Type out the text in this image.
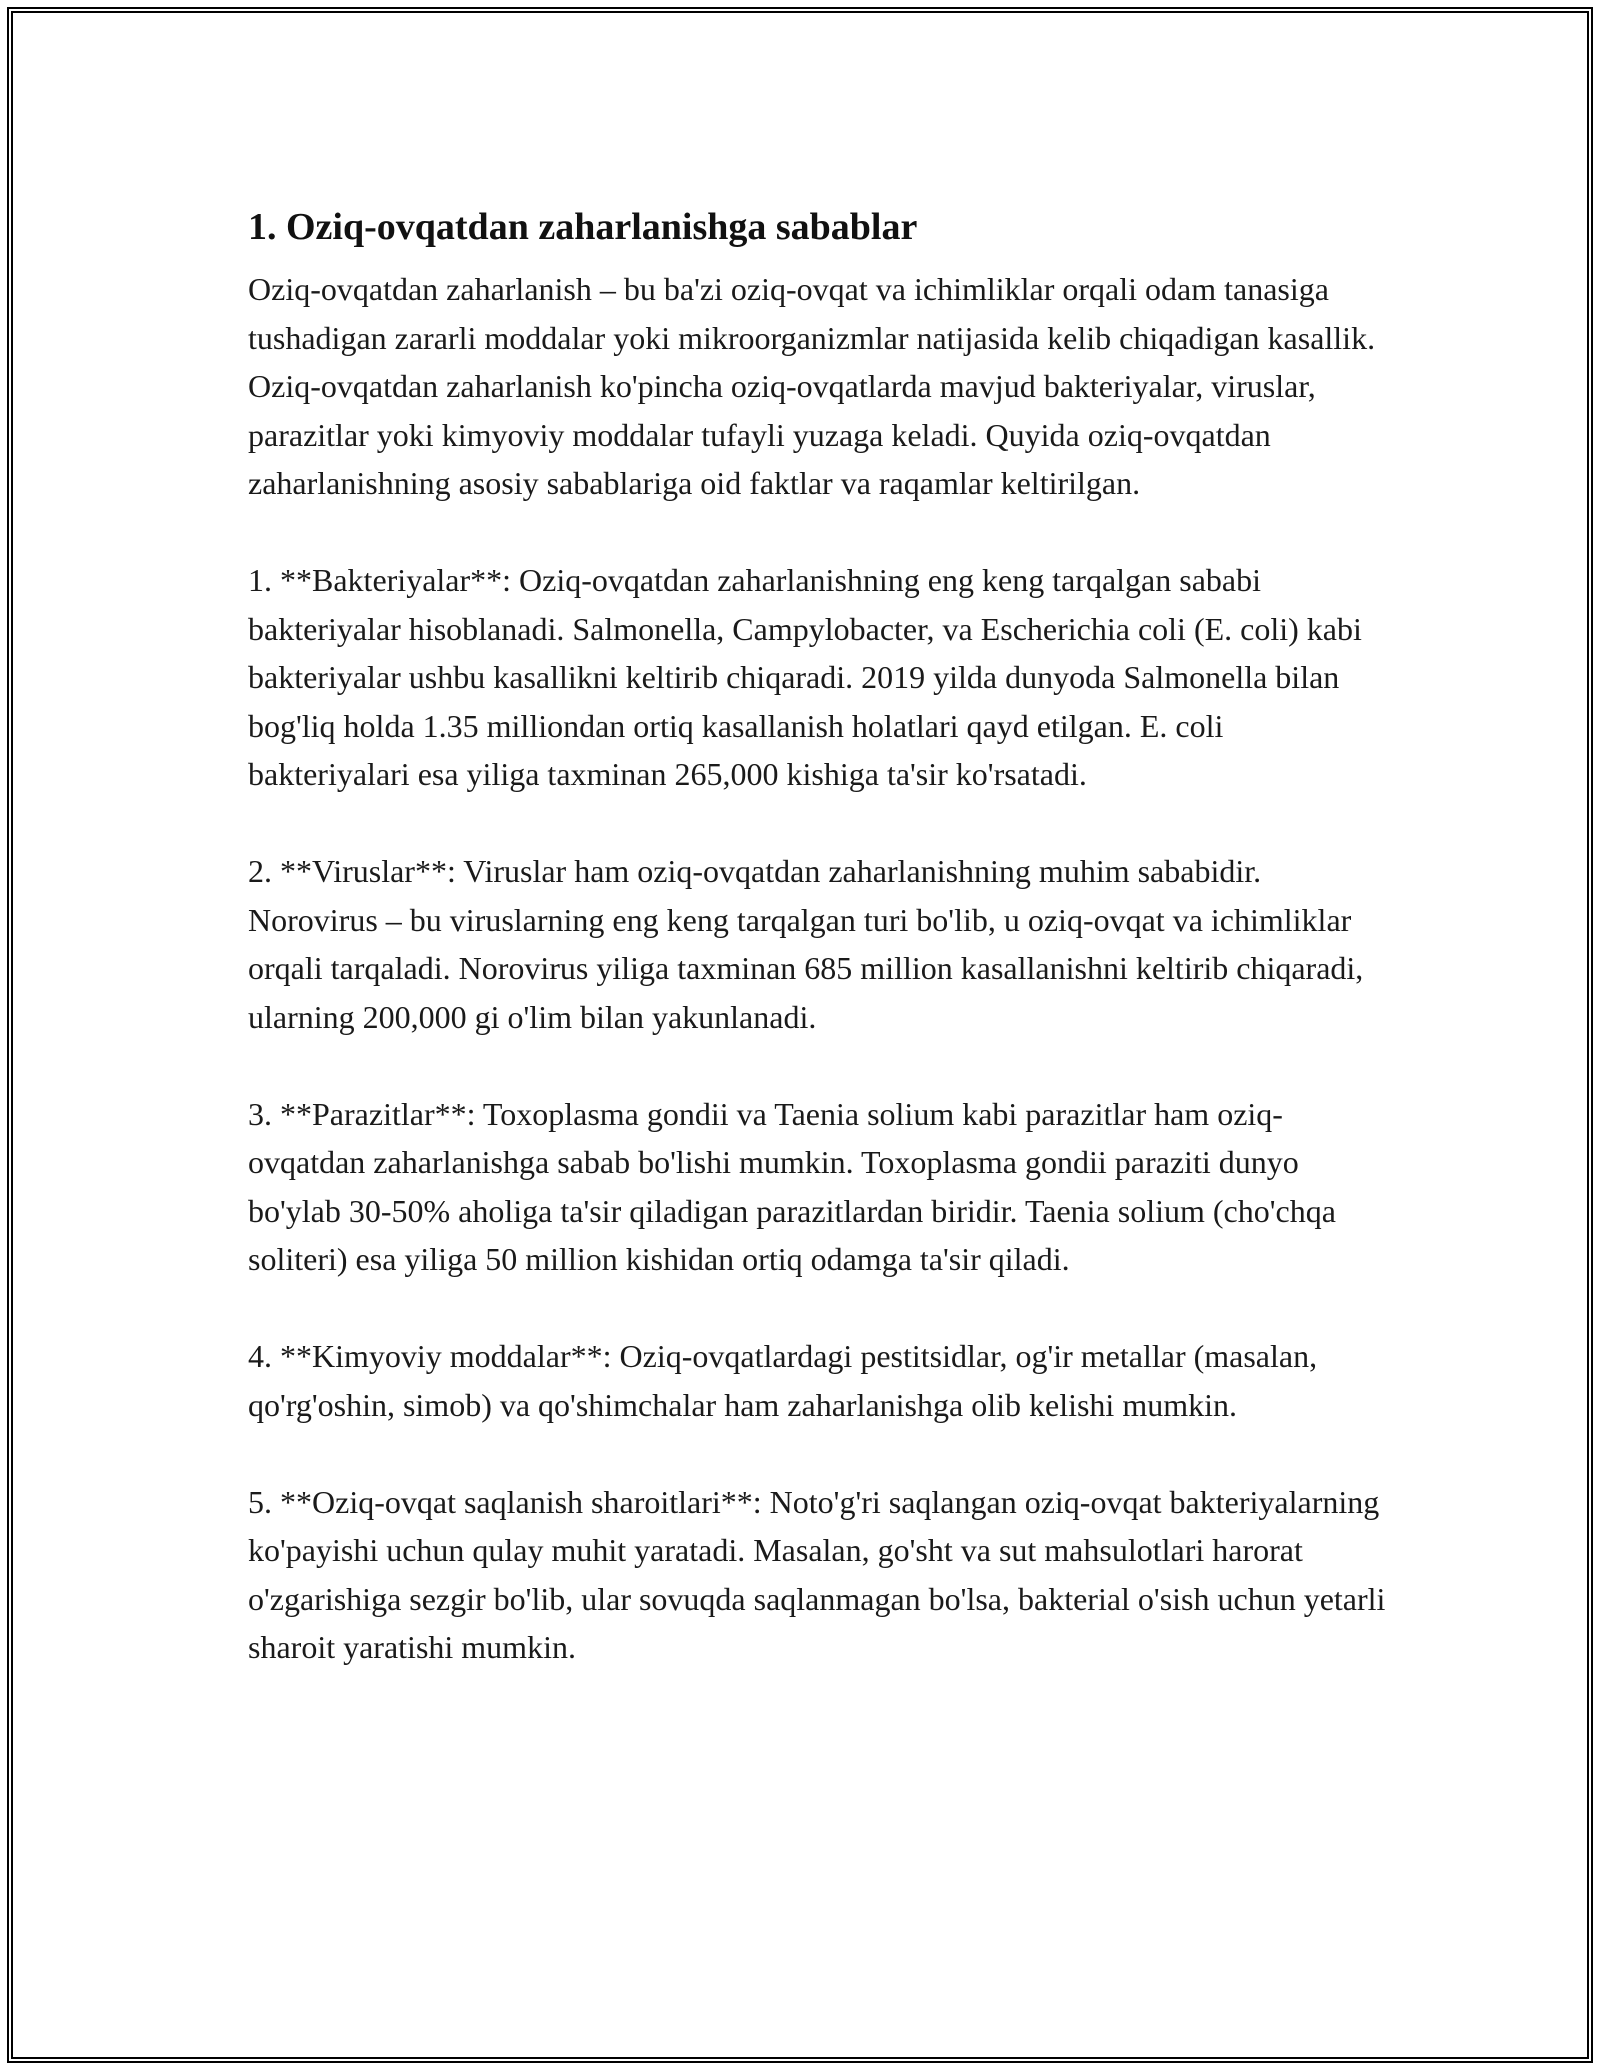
1. Oziq-ovqatdan zaharlanishga sabablar

Oziq-ovqatdan zaharlanish – bu ba'zi oziq-ovqat va ichimliklar orqali odam tanasiga tushadigan zararli moddalar yoki mikroorganizmlar natijasida kelib chiqadigan kasallik. Oziq-ovqatdan zaharlanish ko'pincha oziq-ovqatlarda mavjud bakteriyalar, viruslar, parazitlar yoki kimyoviy moddalar tufayli yuzaga keladi. Quyida oziq-ovqatdan zaharlanishning asosiy sabablariga oid faktlar va raqamlar keltirilgan.

1. **Bakteriyalar**: Oziq-ovqatdan zaharlanishning eng keng tarqalgan sababi bakteriyalar hisoblanadi. Salmonella, Campylobacter, va Escherichia coli (E. coli) kabi bakteriyalar ushbu kasallikni keltirib chiqaradi. 2019 yilda dunyoda Salmonella bilan bog'liq holda 1.35 milliondan ortiq kasallanish holatlari qayd etilgan. E. coli bakteriyalari esa yiliga taxminan 265,000 kishiga ta'sir ko'rsatadi.

2. **Viruslar**: Viruslar ham oziq-ovqatdan zaharlanishning muhim sababidir. Norovirus – bu viruslarning eng keng tarqalgan turi bo'lib, u oziq-ovqat va ichimliklar orqali tarqaladi. Norovirus yiliga taxminan 685 million kasallanishni keltirib chiqaradi, ularning 200,000 gi o'lim bilan yakunlanadi.

3. **Parazitlar**: Toxoplasma gondii va Taenia solium kabi parazitlar ham oziq-ovqatdan zaharlanishga sabab bo'lishi mumkin. Toxoplasma gondii paraziti dunyo bo'ylab 30-50% aholiga ta'sir qiladigan parazitlardan biridir. Taenia solium (cho'chqa soliteri) esa yiliga 50 million kishidan ortiq odamga ta'sir qiladi.

4. **Kimyoviy moddalar**: Oziq-ovqatlardagi pestitsidlar, og'ir metallar (masalan, qo'rg'oshin, simob) va qo'shimchalar ham zaharlanishga olib kelishi mumkin.

5. **Oziq-ovqat saqlanish sharoitlari**: Noto'g'ri saqlangan oziq-ovqat bakteriyalarning ko'payishi uchun qulay muhit yaratadi. Masalan, go'sht va sut mahsulotlari harorat o'zgarishiga sezgir bo'lib, ular sovuqda saqlanmagan bo'lsa, bakterial o'sish uchun yetarli sharoit yaratishi mumkin.
